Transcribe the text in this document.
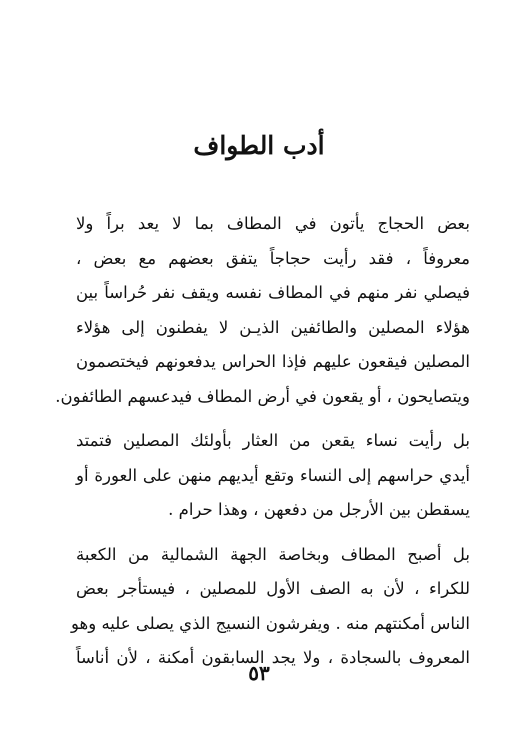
أدب الطواف

بعض الحجاج يأتون في المطاف بما لا يعد براً ولا
معروفاً ، فقد رأيت حجاجاً يتفق بعضهم مع بعض ،
فيصلي نفر منهم في المطاف نفسه ويقف نفر حُراساً بين
هؤلاء المصلين والطائفين الذيـن لا يفطنون إلى هؤلاء
المصلين فيقعون عليهم فإذا الحراس يدفعونهم فيختصمون
ويتصايحون ، أو يقعون في أرض المطاف فيدعسهم الطائفون.

بل رأيت نساء يقعن من العثار بأولئك المصلين فتمتد
أيدي حراسهم إلى النساء وتقع أيديهم منهن على العورة أو
يسقطن بين الأرجل من دفعهن ، وهذا حرام .

بل أصبح المطاف وبخاصة الجهة الشمالية من الكعبة
للكراء ، لأن به الصف الأول للمصلين ، فيستأجر بعض
الناس أمكنتهم منه . ويفرشون النسيج الذي يصلى عليه وهو
المعروف بالسجادة ، ولا يجد السابقون أمكنة ، لأن أناساً

٥٣
